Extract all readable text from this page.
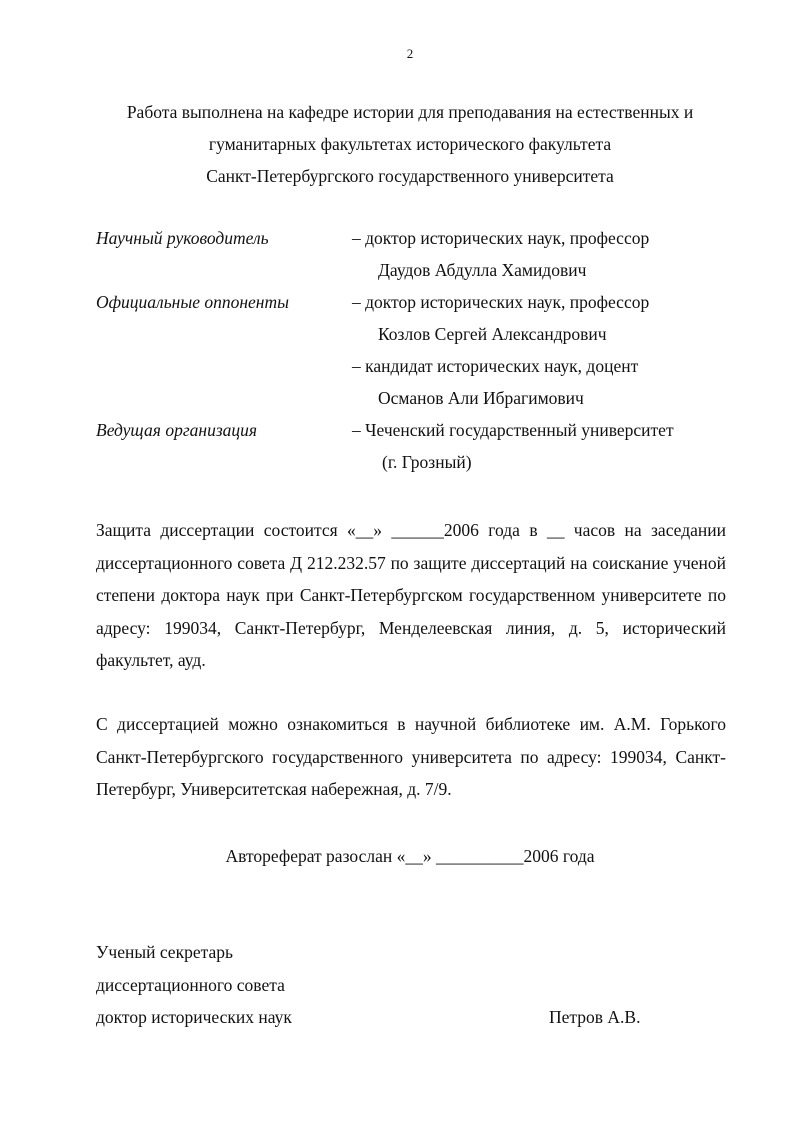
2
Работа выполнена на кафедре истории для преподавания на естественных и
гуманитарных факультетах исторического факультета
Санкт-Петербургского государственного университета
Научный руководитель	– доктор исторических наук, профессор
Даудов Абдулла Хамидович
Официальные оппоненты	– доктор исторических наук, профессор
Козлов Сергей Александрович
– кандидат исторических наук, доцент
Османов Али Ибрагимович
Ведущая организация	– Чеченский государственный университет
(г. Грозный)
Защита диссертации состоится «__» ______2006 года в __ часов на заседании диссертационного совета Д 212.232.57 по защите диссертаций на соискание ученой степени доктора наук при Санкт-Петербургском государственном университете по адресу: 199034, Санкт-Петербург, Менделеевская линия, д. 5, исторический факультет, ауд.
С диссертацией можно ознакомиться в научной библиотеке им. А.М. Горького Санкт-Петербургского государственного университета по адресу: 199034, Санкт-Петербург, Университетская набережная, д. 7/9.
Автореферат разослан «__» __________2006 года
Ученый секретарь
диссертационного совета
доктор исторических наук	Петров А.В.
